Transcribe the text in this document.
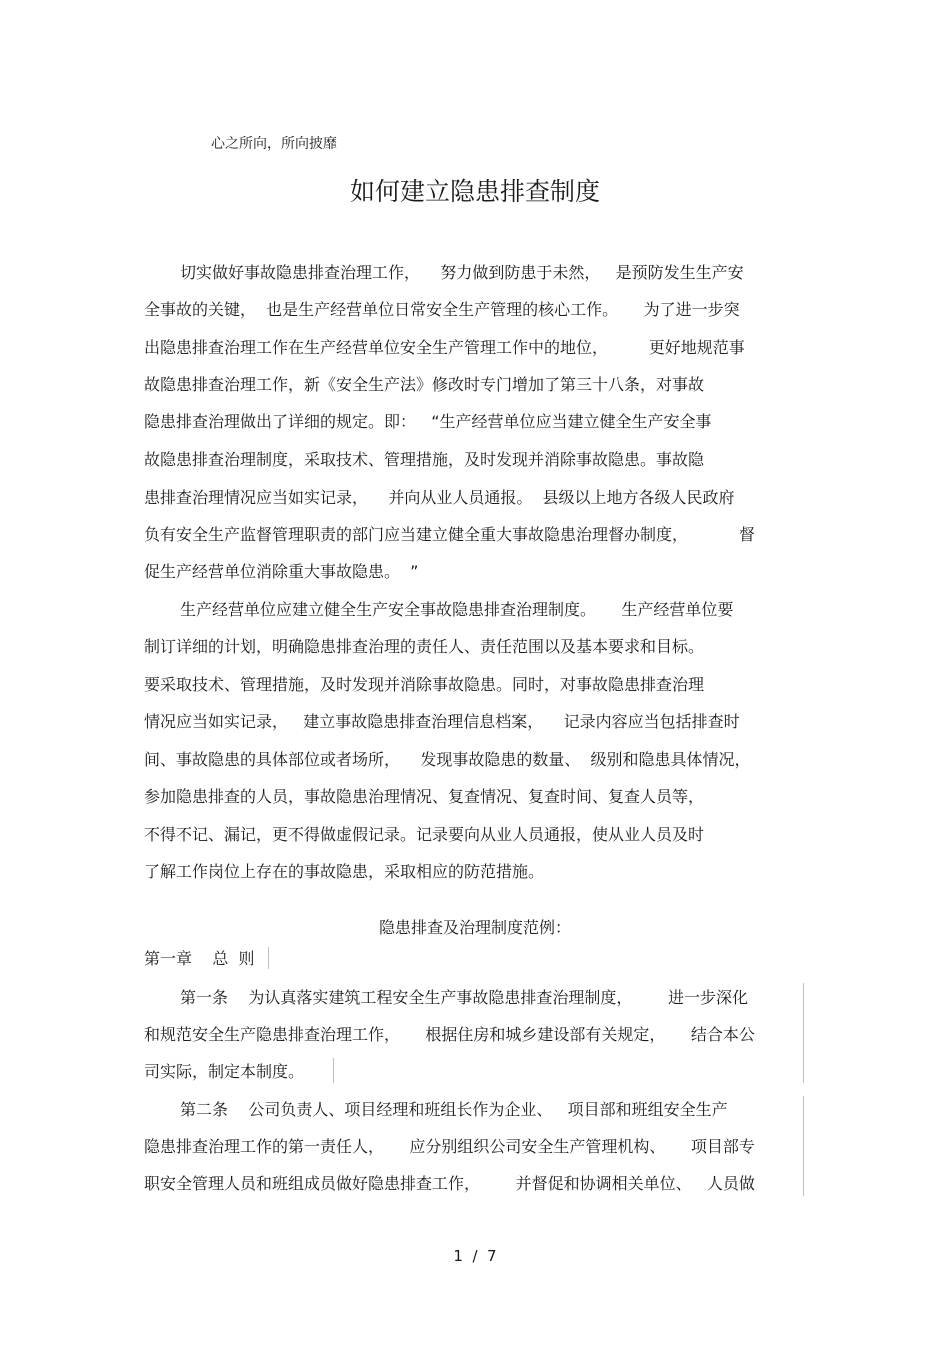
心之所向，所向披靡
如何建立隐患排查制度
切实做好事故隐患排查治理工作，    努力做到防患于未然，   是预防发生生产安
全事故的关键，  也是生产经营单位日常安全生产管理的核心工作。     为了进一步突
出隐患排查治理工作在生产经营单位安全生产管理工作中的地位，        更好地规范事
故隐患排查治理工作，新《安全生产法》修改时专门增加了第三十八条，对事故
隐患排查治理做出了详细的规定。即：   “生产经营单位应当建立健全生产安全事
故隐患排查治理制度，采取技术、管理措施，及时发现并消除事故隐患。事故隐
患排查治理情况应当如实记录，    并向从业人员通报。  县级以上地方各级人民政府
负有安全生产监督管理职责的部门应当建立健全重大事故隐患治理督办制度，          督
促生产经营单位消除重大事故隐患。  ”
生产经营单位应建立健全生产安全事故隐患排查治理制度。     生产经营单位要
制订详细的计划，明确隐患排查治理的责任人、责任范围以及基本要求和目标。
要采取技术、管理措施，及时发现并消除事故隐患。同时，对事故隐患排查治理
情况应当如实记录，   建立事故隐患排查治理信息档案，    记录内容应当包括排查时
间、事故隐患的具体部位或者场所，    发现事故隐患的数量、  级别和隐患具体情况，
参加隐患排查的人员，事故隐患治理情况、复查情况、复查时间、复查人员等，
不得不记、漏记，更不得做虚假记录。记录要向从业人员通报，使从业人员及时
了解工作岗位上存在的事故隐患，采取相应的防范措施。
隐患排查及治理制度范例：
第一章    总  则
第一条    为认真落实建筑工程安全生产事故隐患排查治理制度，       进一步深化
和规范安全生产隐患排查治理工作，     根据住房和城乡建设部有关规定，     结合本公
司实际，制定本制度。
第二条    公司负责人、项目经理和班组长作为企业、   项目部和班组安全生产
隐患排查治理工作的第一责任人，     应分别组织公司安全生产管理机构、     项目部专
职安全管理人员和班组成员做好隐患排查工作，       并督促和协调相关单位、   人员做
1  /  7
